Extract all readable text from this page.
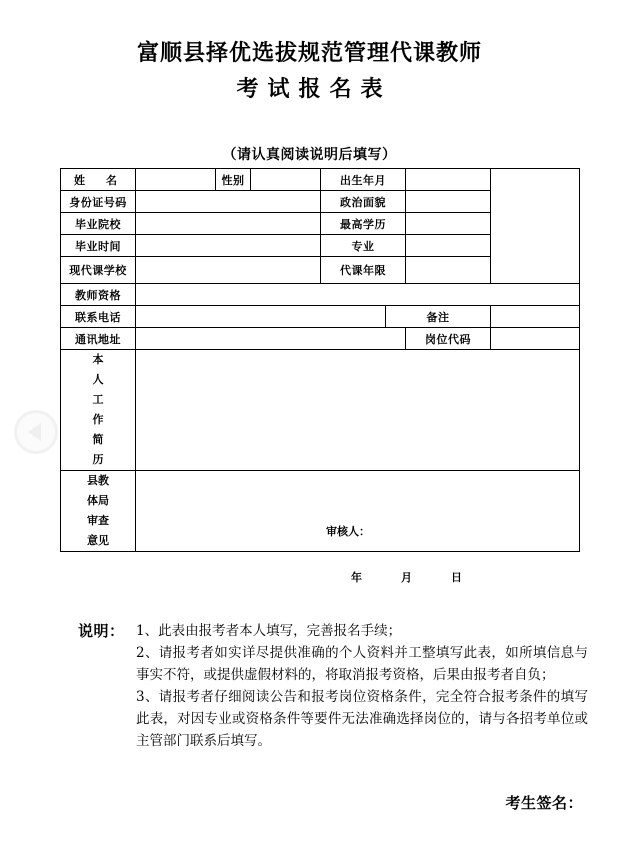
富顺县择优选拔规范管理代课教师
考试报名表
（请认真阅读说明后填写）
姓　名		性别		出生年月			
身份证号码				政治面貌			
毕业院校				最高学历			
毕业时间				专业			
现代课学校				代课年限			
教师资格							
联系电话					备注		
通讯地址						岗位代码	

本
人
工
作
简
历

县教
体局
审查
意见

审核人：
年　月　日
说明： 1、此表由报考者本人填写，完善报名手续；
2、请报考者如实详尽提供准确的个人资料并工整填写此表，如所填信息与事实不符，或提供虚假材料的，将取消报考资格，后果由报考者自负；
3、请报考者仔细阅读公告和报考岗位资格条件，完全符合报考条件的填写此表，对因专业或资格条件等要件无法准确选择岗位的，请与各招考单位或主管部门联系后填写。
考生签名：
